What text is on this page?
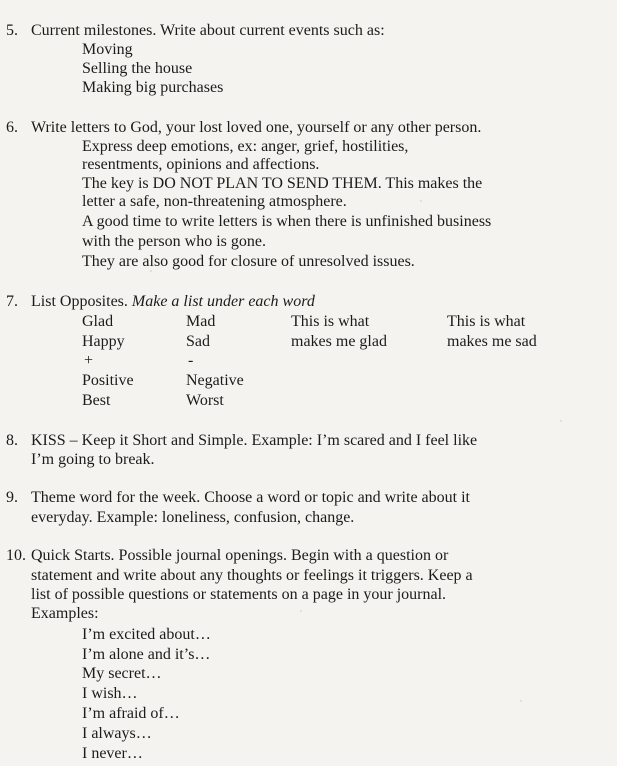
5. Current milestones. Write about current events such as:
Moving
Selling the house
Making big purchases
6. Write letters to God, your lost loved one, yourself or any other person.
Express deep emotions, ex: anger, grief, hostilities,
resentments, opinions and affections.
The key is DO NOT PLAN TO SEND THEM. This makes the
letter a safe, non-threatening atmosphere.
A good time to write letters is when there is unfinished business
with the person who is gone.
They are also good for closure of unresolved issues.
7. List Opposites. Make a list under each word
Glad
Happy
+
Positive
Best
Mad
Sad
-
Negative
Worst
This is what
makes me glad
This is what
makes me sad
8. KISS – Keep it Short and Simple. Example: I’m scared and I feel like
I’m going to break.
9. Theme word for the week. Choose a word or topic and write about it
everyday. Example: loneliness, confusion, change.
10. Quick Starts. Possible journal openings. Begin with a question or
statement and write about any thoughts or feelings it triggers. Keep a
list of possible questions or statements on a page in your journal.
Examples:
I’m excited about…
I’m alone and it’s…
My secret…
I wish…
I’m afraid of…
I always…
I never…
